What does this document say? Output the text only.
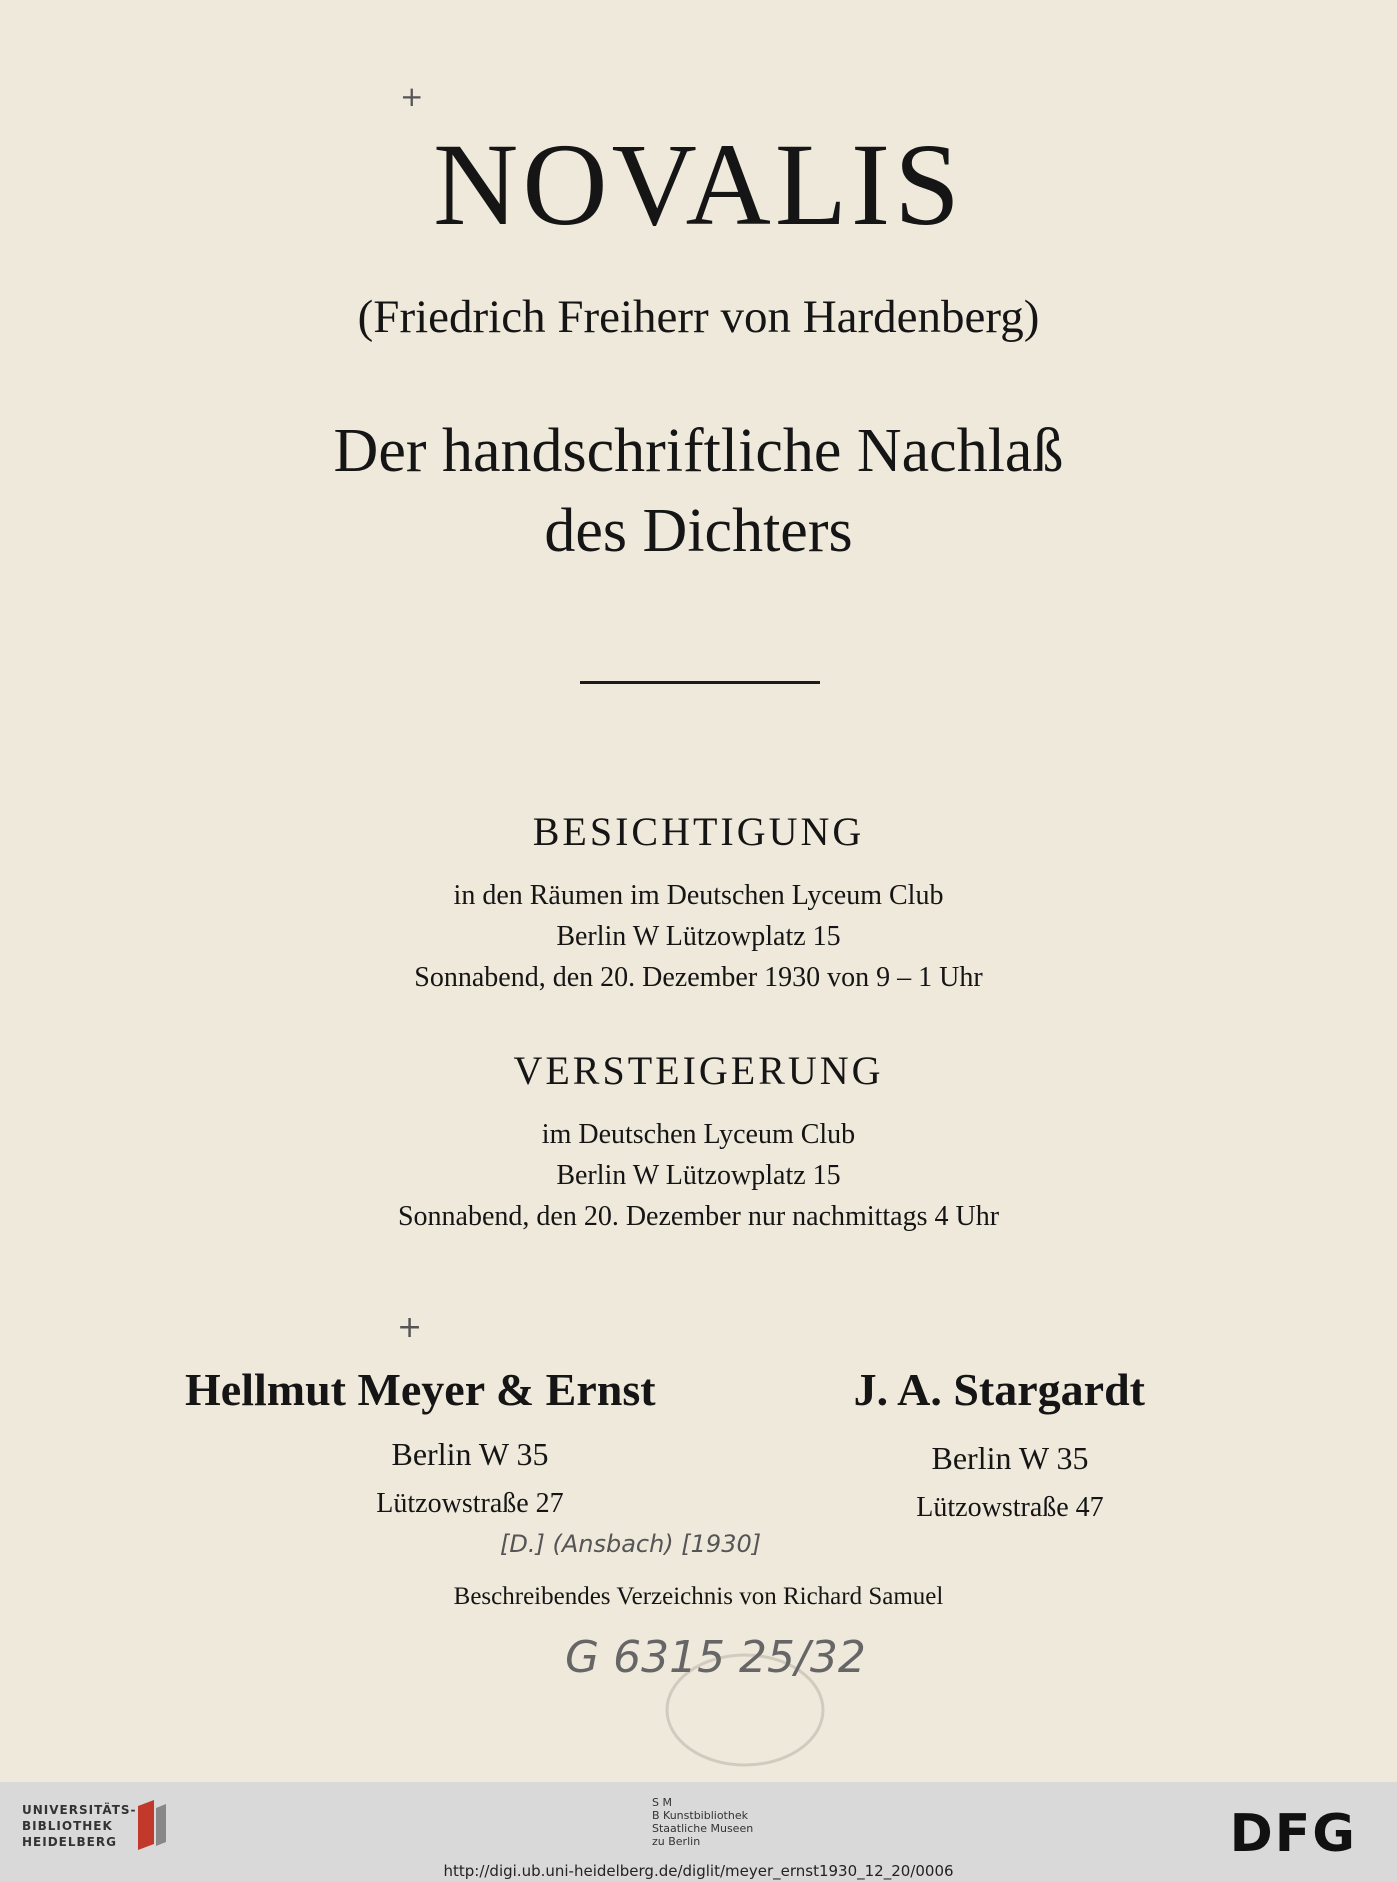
NOVALIS
(Friedrich Freiherr von Hardenberg)
Der handschriftliche Nachlaß
des Dichters
BESICHTIGUNG
in den Räumen im Deutschen Lyceum Club
Berlin W Lützowplatz 15
Sonnabend, den 20. Dezember 1930 von 9 – 1 Uhr
VERSTEIGERUNG
im Deutschen Lyceum Club
Berlin W Lützowplatz 15
Sonnabend, den 20. Dezember nur nachmittags 4 Uhr
+
+
Hellmut Meyer & Ernst	J. A. Stargardt
Berlin W 35
Lützowstraße 27
Berlin W 35
Lützowstraße 47
[D.] (Ansbach) [1930]
Beschreibendes Verzeichnis von Richard Samuel
G 6315 25/32
UNIVERSITÄTS-
BIBLIOTHEK
HEIDELBERG
S M
B Kunstbibliothek
Staatliche Museen
zu Berlin	DFG
http://digi.ub.uni-heidelberg.de/diglit/meyer_ernst1930_12_20/0006
